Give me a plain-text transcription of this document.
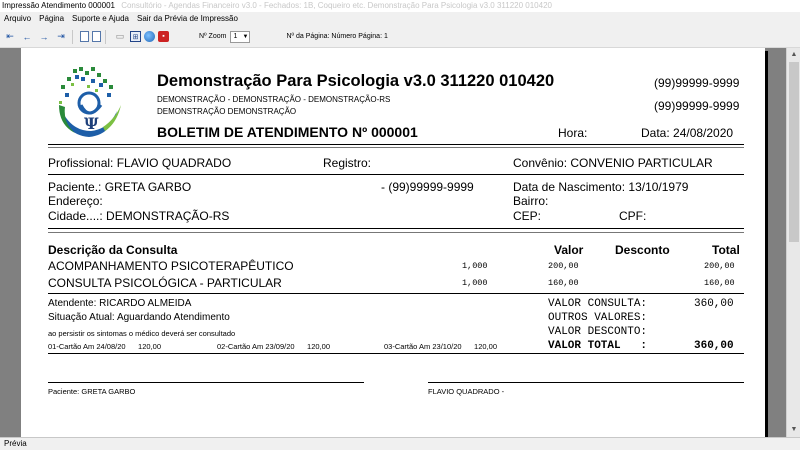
Impressão Atendimento 000001 Consultório - Agendas Financeiro v3.0 - Fechados: 1B, Coqueiro etc. Demonstração Para Psicologia v3.0 311220 010420
Arquivo	Página	Suporte e Ajuda	Sair da Prévia de Impressão
⇤ ← → ⇥	▭	⊞	▪	Nº Zoom	1 ▼	Nº da Página: Número Página: 1
Ψ
Demonstração Para Psicologia v3.0 311220 010420
DEMONSTRAÇÃO - DEMONSTRAÇÃO - DEMONSTRAÇÃO-RS
DEMONSTRAÇÃO DEMONSTRAÇÃO
(99)99999-9999
(99)99999-9999
BOLETIM DE ATENDIMENTO Nº 000001	Hora:	Data: 24/08/2020
Profissional: FLAVIO QUADRADO	Registro:	Convênio: CONVENIO PARTICULAR
Paciente.: GRETA GARBO	- (99)99999-9999	Data de Nascimento: 13/10/1979
Endereço:	Bairro:
Cidade....: DEMONSTRAÇÃO-RS	CEP:	CPF:
Descrição da Consulta	Valor	Desconto	Total
ACOMPANHAMENTO PSICOTERAPÊUTICO	1,000	200,00	200,00
CONSULTA PSICOLÓGICA - PARTICULAR	1,000	160,00	160,00
Atendente: RICARDO ALMEIDA
Situação Atual: Aguardando Atendimento
ao persistir os sintomas o médico deverá ser consultado
01-Cartão Am 24/08/20      120,00	02-Cartão Am 23/09/20      120,00	03-Cartão Am 23/10/20      120,00
VALOR CONSULTA:	360,00
OUTROS VALORES:
VALOR DESCONTO:
VALOR TOTAL   :	360,00
Paciente: GRETA GARBO	FLAVIO QUADRADO -
▲
▼
Prévia
